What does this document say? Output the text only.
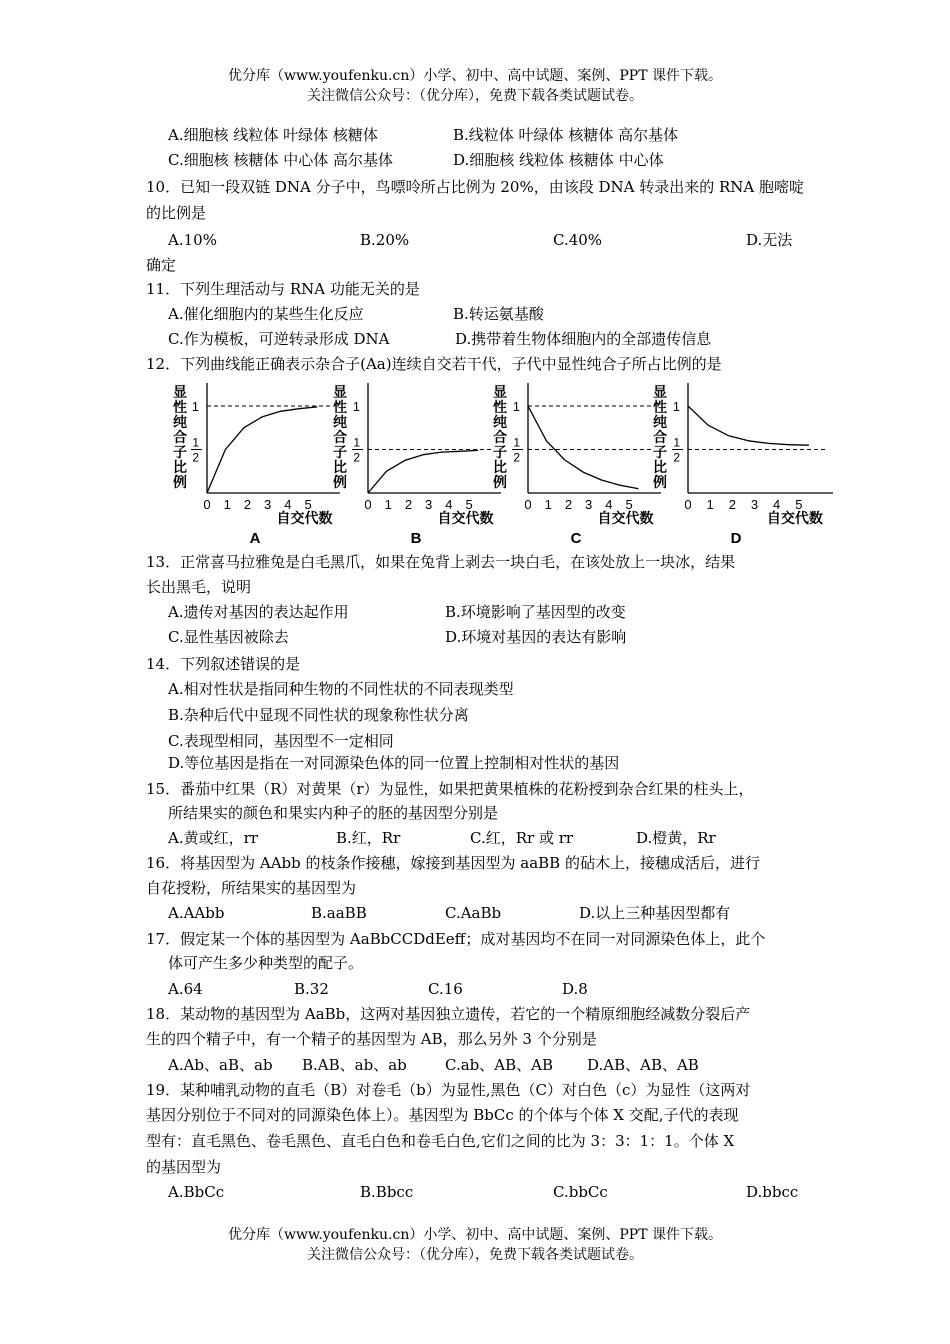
优分库（www.youfenku.cn）小学、初中、高中试题、案例、PPT 课件下载。
关注微信公众号：（优分库），免费下载各类试题试卷。
A.细胞核 线粒体 叶绿体 核糖体	B.线粒体 叶绿体 核糖体 高尔基体
C.细胞核 核糖体 中心体 高尔基体	D.细胞核 线粒体 核糖体 中心体
10．已知一段双链 DNA 分子中，鸟嘌呤所占比例为 20%，由该段 DNA 转录出来的 RNA 胞嘧啶
的比例是
A.10%	B.20%	C.40%	D.无法
确定
11．下列生理活动与 RNA 功能无关的是
A.催化细胞内的某些生化反应	B.转运氨基酸
C.作为模板，可逆转录形成 DNA	D.携带着生物体细胞内的全部遗传信息
12．下列曲线能正确表示杂合子(Aa)连续自交若干代，子代中显性纯合子所占比例的是
显
性
纯
合
子
比
例
1
1
2
0 1 2 3 4 5
自交代数
A
显
性
纯
合
子
比
例
1
1
2
0 1 2 3 4 5
自交代数
B
显
性
纯
合
子
比
例
1
1
2
0 1 2 3 4 5
自交代数
C
显
性
纯
合
子
比
例
1
1
2
0 1 2 3 4 5
自交代数
D
13．正常喜马拉雅兔是白毛黑爪，如果在兔背上剥去一块白毛，在该处放上一块冰，结果
长出黑毛，说明
A.遗传对基因的表达起作用	B.环境影响了基因型的改变
C.显性基因被除去	D.环境对基因的表达有影响
14．下列叙述错误的是
A.相对性状是指同种生物的不同性状的不同表现类型
B.杂种后代中显现不同性状的现象称性状分离
C.表现型相同，基因型不一定相同
D.等位基因是指在一对同源染色体的同一位置上控制相对性状的基因
15．番茄中红果（R）对黄果（r）为显性，如果把黄果植株的花粉授到杂合红果的柱头上，
所结果实的颜色和果实内种子的胚的基因型分别是
A.黄或红，rr	B.红，Rr	C.红，Rr 或 rr	D.橙黄，Rr
16．将基因型为 AAbb 的枝条作接穗，嫁接到基因型为 aaBB 的砧木上，接穗成活后，进行
自花授粉，所结果实的基因型为
A.AAbb	B.aaBB	C.AaBb	D.以上三种基因型都有
17．假定某一个体的基因型为 AaBbCCDdEeff；成对基因均不在同一对同源染色体上，此个
体可产生多少种类型的配子。
A.64	B.32	C.16	D.8
18．某动物的基因型为 AaBb，这两对基因独立遗传，若它的一个精原细胞经减数分裂后产
生的四个精子中，有一个精子的基因型为 AB，那么另外 3 个分别是
A.Ab、aB、ab B.AB、ab、ab	C.ab、AB、AB D.AB、AB、AB
19．某种哺乳动物的直毛（B）对卷毛（b）为显性,黑色（C）对白色（c）为显性（这两对
基因分别位于不同对的同源染色体上）。基因型为 BbCc 的个体与个体 X 交配,子代的表现
型有：直毛黑色、卷毛黑色、直毛白色和卷毛白色,它们之间的比为 3：3：1：1。个体 X
的基因型为
A.BbCc	B.Bbcc	C.bbCc	D.bbcc
优分库（www.youfenku.cn）小学、初中、高中试题、案例、PPT 课件下载。
关注微信公众号：（优分库），免费下载各类试题试卷。
